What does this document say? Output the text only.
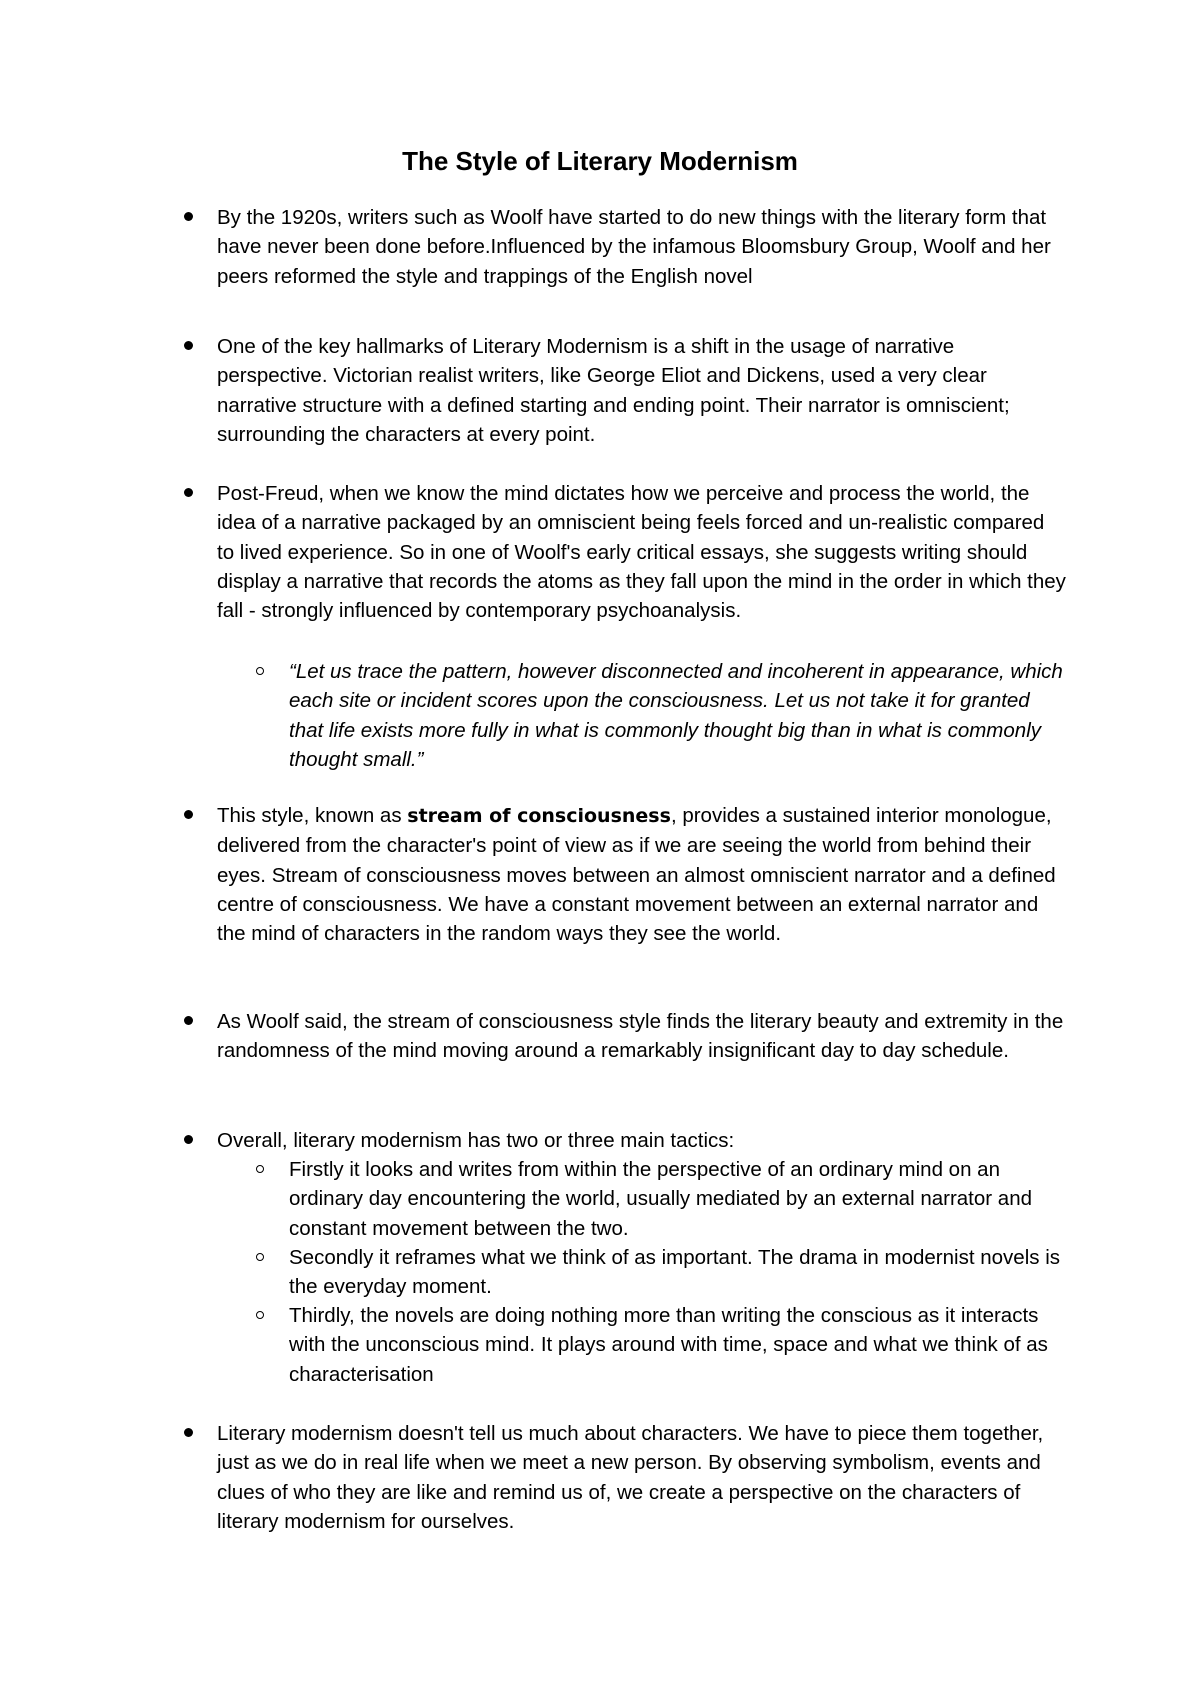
The Style of Literary Modernism

By the 1920s, writers such as Woolf have started to do new things with the literary form that have never been done before.Influenced by the infamous Bloomsbury Group, Woolf and her peers reformed the style and trappings of the English novel

One of the key hallmarks of Literary Modernism is a shift in the usage of narrative perspective. Victorian realist writers, like George Eliot and Dickens, used a very clear narrative structure with a defined starting and ending point. Their narrator is omniscient; surrounding the characters at every point.

Post-Freud, when we know the mind dictates how we perceive and process the world, the idea of a narrative packaged by an omniscient being feels forced and un-realistic compared to lived experience. So in one of Woolf's early critical essays, she suggests writing should display a narrative that records the atoms as they fall upon the mind in the order in which they fall - strongly influenced by contemporary psychoanalysis.

“Let us trace the pattern, however disconnected and incoherent in appearance, which each site or incident scores upon the consciousness. Let us not take it for granted that life exists more fully in what is commonly thought big than in what is commonly thought small.”

This style, known as stream of consciousness, provides a sustained interior monologue, delivered from the character's point of view as if we are seeing the world from behind their eyes. Stream of consciousness moves between an almost omniscient narrator and a defined centre of consciousness. We have a constant movement between an external narrator and the mind of characters in the random ways they see the world.

As Woolf said, the stream of consciousness style finds the literary beauty and extremity in the randomness of the mind moving around a remarkably insignificant day to day schedule.

Overall, literary modernism has two or three main tactics:

Firstly it looks and writes from within the perspective of an ordinary mind on an ordinary day encountering the world, usually mediated by an external narrator and constant movement between the two.

Secondly it reframes what we think of as important. The drama in modernist novels is the everyday moment.

Thirdly, the novels are doing nothing more than writing the conscious as it interacts with the unconscious mind. It plays around with time, space and what we think of as characterisation

Literary modernism doesn't tell us much about characters. We have to piece them together, just as we do in real life when we meet a new person. By observing symbolism, events and clues of who they are like and remind us of, we create a perspective on the characters of literary modernism for ourselves.
